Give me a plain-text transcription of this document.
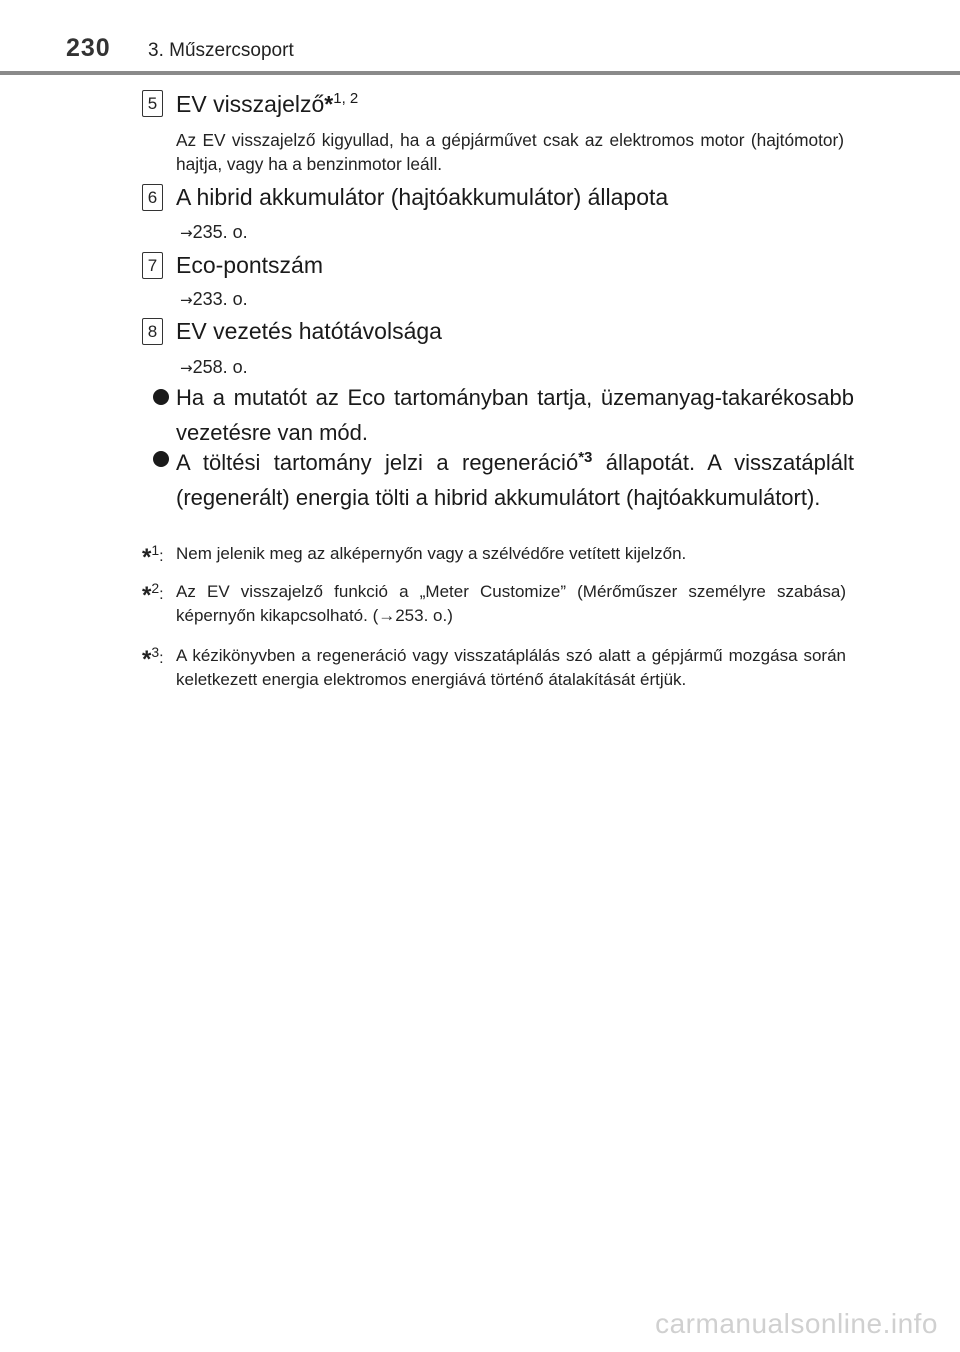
230 3. Műszercsoport
5 EV visszajelző*$^{1, 2}$
Az EV visszajelző kigyullad, ha a gépjárművet csak az elektromos motor (hajtómotor) hajtja, vagy ha a benzinmotor leáll.
6 A hibrid akkumulátor (hajtóakkumulátor) állapota
→235. o.
7 Eco-pontszám
→233. o.
8 EV vezetés hatótávolsága
→258. o.
Ha a mutatót az Eco tartományban tartja, üzemanyag-takarékosabb vezetésre van mód.
A töltési tartomány jelzi a regeneráció$^{*3}$ állapotát. A visszatáplált (regenerált) energia tölti a hibrid akkumulátort (hajtóakkumulátort).
*$^1$: Nem jelenik meg az alképernyőn vagy a szélvédőre vetített kijelzőn.
*$^2$: Az EV visszajelző funkció a „Meter Customize” (Mérőműszer személyre szabása) képernyőn kikapcsolható. (→253. o.)
*$^3$: A kézikönyvben a regeneráció vagy visszatáplálás szó alatt a gépjármű mozgása során keletkezett energia elektromos energiává történő átalakítását értjük.
carmanualsonline.info
